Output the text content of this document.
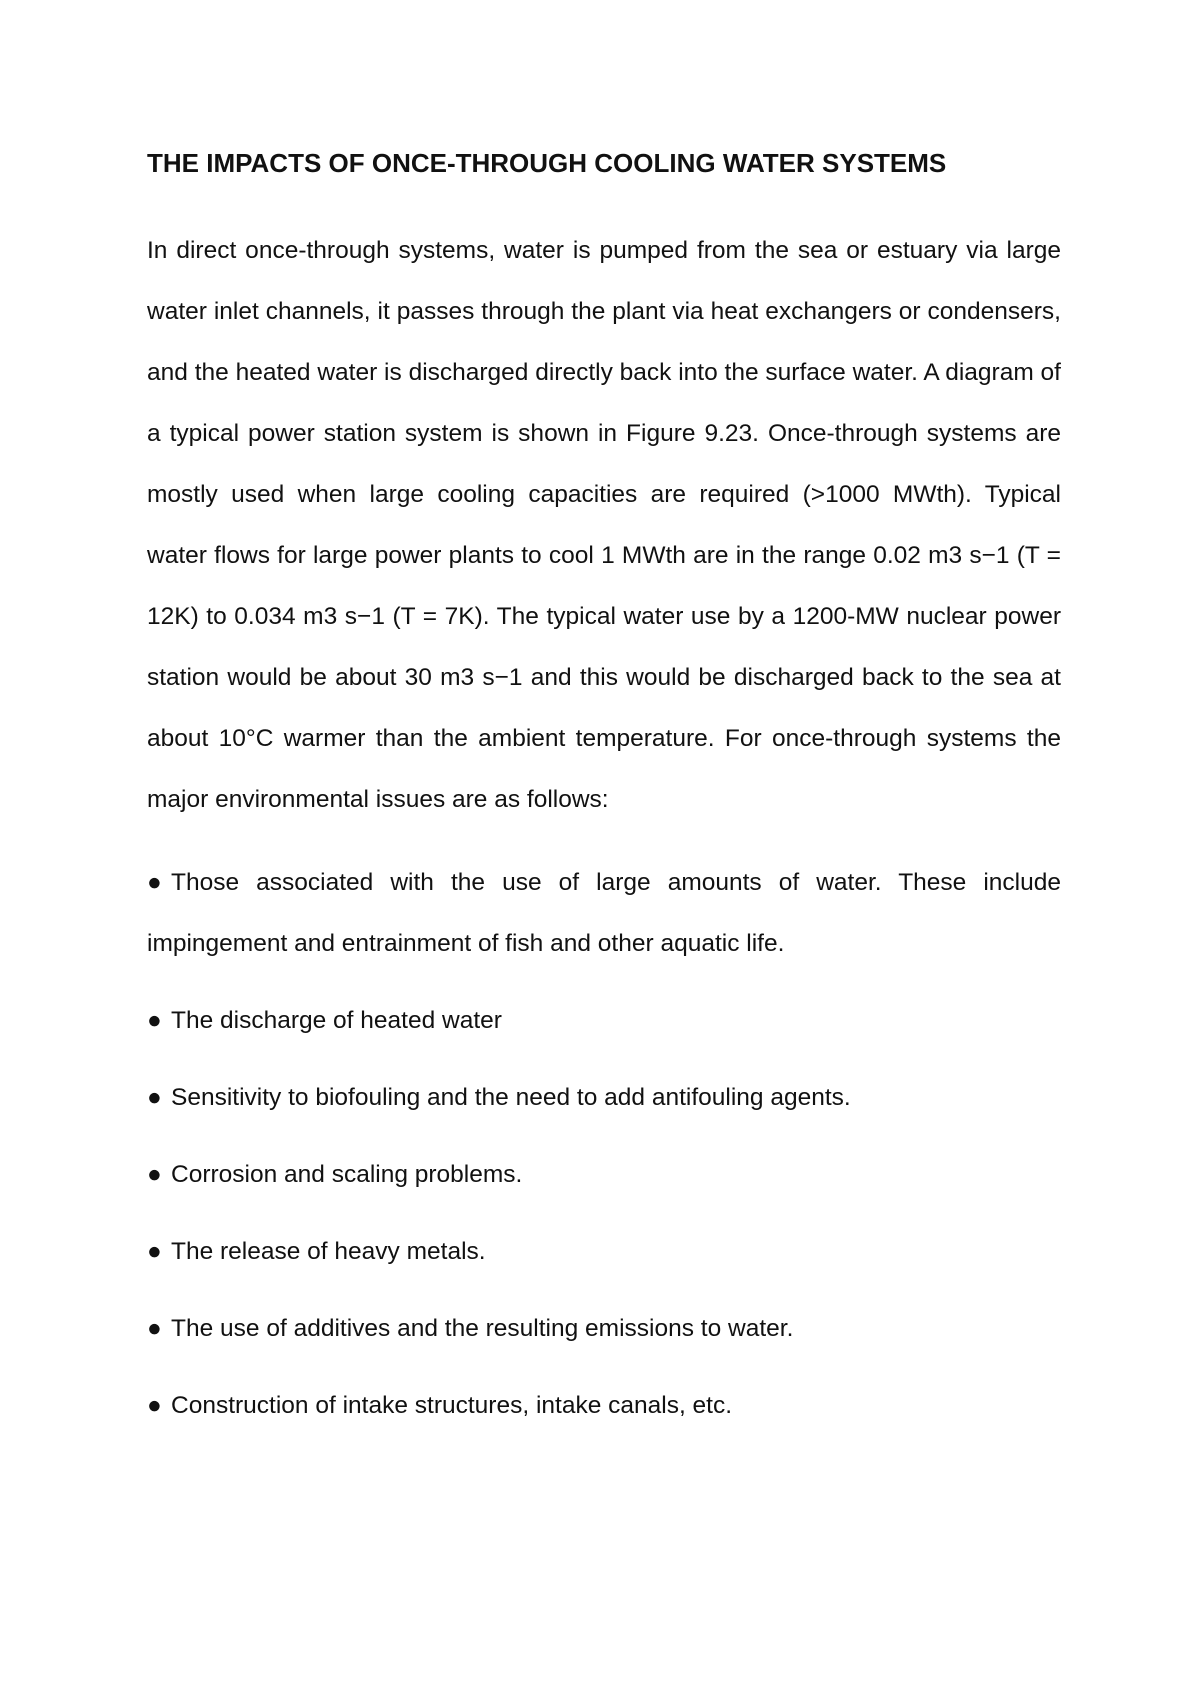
THE IMPACTS OF ONCE-THROUGH COOLING WATER SYSTEMS

In direct once-through systems, water is pumped from the sea or estuary via large water inlet channels, it passes through the plant via heat exchangers or condensers, and the heated water is discharged directly back into the surface water. A diagram of a typical power station system is shown in Figure 9.23. Once-through systems are mostly used when large cooling capacities are required (>1000 MWth). Typical water flows for large power plants to cool 1 MWth are in the range 0.02 m3 s−1 (T = 12K) to 0.034 m3 s−1 (T = 7K). The typical water use by a 1200-MW nuclear power station would be about 30 m3 s−1 and this would be discharged back to the sea at about 10°C warmer than the ambient temperature. For once-through systems the major environmental issues are as follows:

● Those associated with the use of large amounts of water. These include impingement and entrainment of fish and other aquatic life.
● The discharge of heated water
● Sensitivity to biofouling and the need to add antifouling agents.
● Corrosion and scaling problems.
● The release of heavy metals.
● The use of additives and the resulting emissions to water.
● Construction of intake structures, intake canals, etc.
